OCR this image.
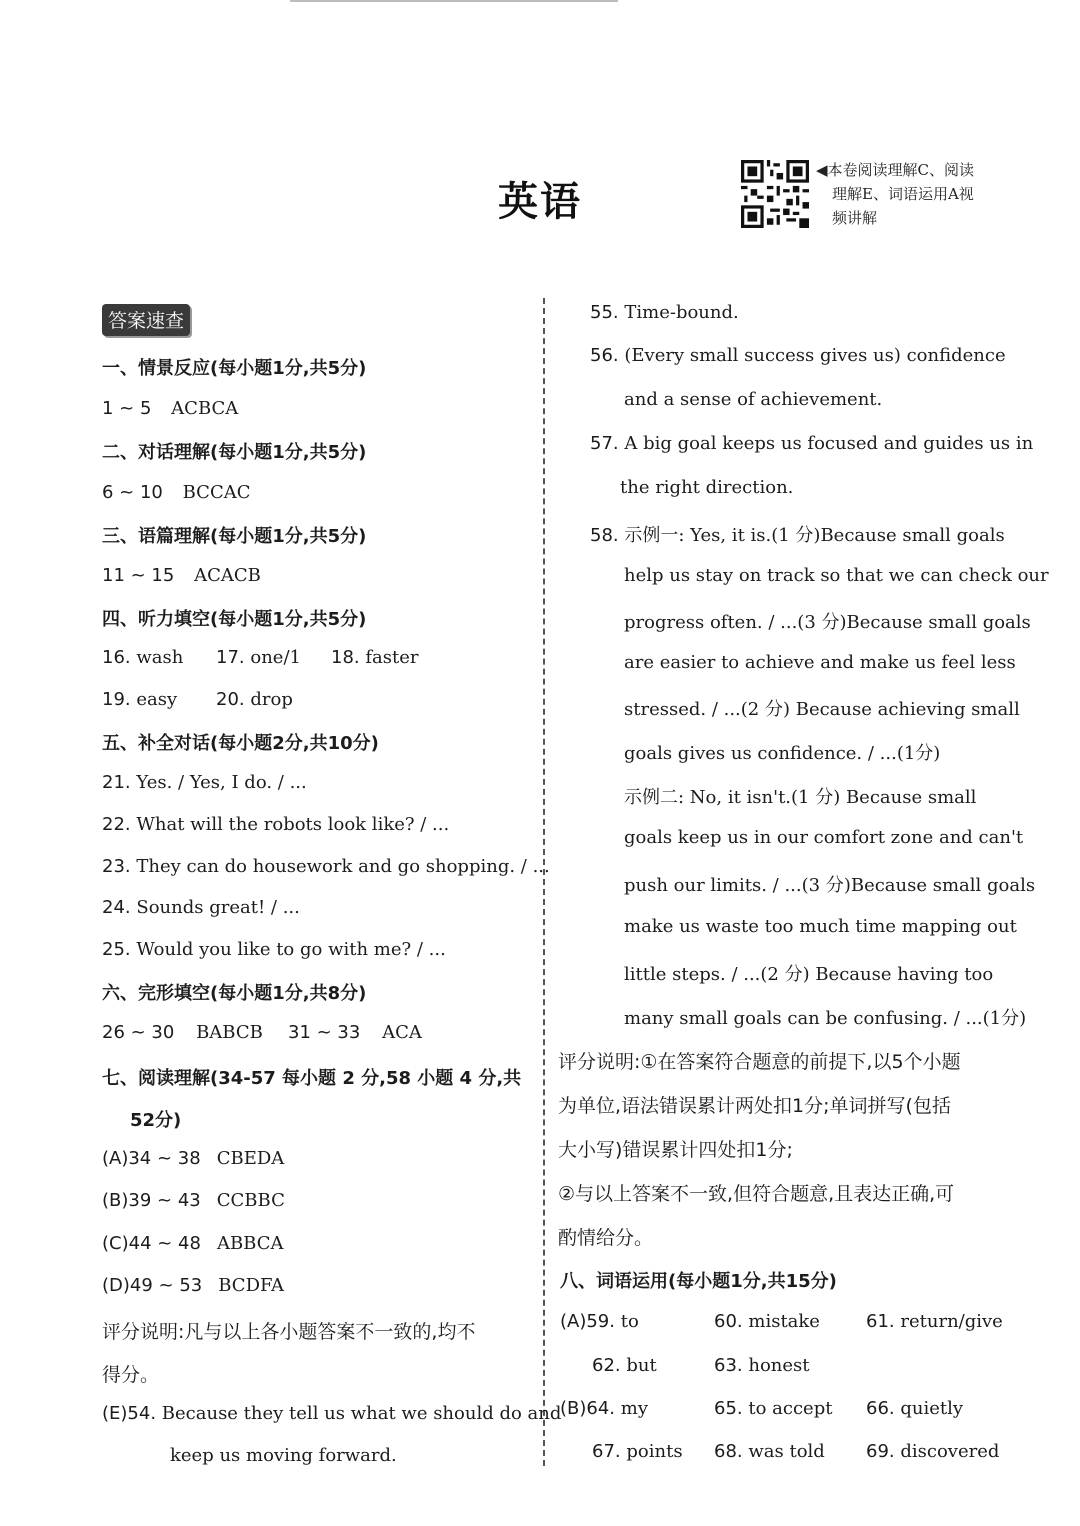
英语
◀本卷阅读理解C、阅读
理解E、词语运用A视
频讲解
答案速查
一、情景反应(每小题1分,共5分)
1 ~ 5 ACBCA
二、对话理解(每小题1分,共5分)
6 ~ 10 BCCAC
三、语篇理解(每小题1分,共5分)
11 ~ 15 ACACB
四、听力填空(每小题1分,共5分)
16. wash 17. one/1 18. faster
19. easy 20. drop
五、补全对话(每小题2分,共10分)
21. Yes. / Yes, I do. / ...
22. What will the robots look like? / ...
23. They can do housework and go shopping. / ...
24. Sounds great! / ...
25. Would you like to go with me? / ...
六、完形填空(每小题1分,共8分)
26 ~ 30 BABCB 31 ~ 33 ACA
七、阅读理解(34-57 每小题 2 分,58 小题 4 分,共
52分)
(A)34 ~ 38 CBEDA
(B)39 ~ 43 CCBBC
(C)44 ~ 48 ABBCA
(D)49 ~ 53 BCDFA
评分说明:凡与以上各小题答案不一致的,均不
得分。
(E)54. Because they tell us what we should do and
keep us moving forward.
55. Time-bound.
56. (Every small success gives us) confidence
and a sense of achievement.
57. A big goal keeps us focused and guides us in
the right direction.
58. 示例一: Yes, it is.(1 分)Because small goals
help us stay on track so that we can check our
progress often. / ...(3 分)Because small goals
are easier to achieve and make us feel less
stressed. / ...(2 分) Because achieving small
goals gives us confidence. / ...(1分)
示例二: No, it isn't.(1 分) Because small
goals keep us in our comfort zone and can't
push our limits. / ...(3 分)Because small goals
make us waste too much time mapping out
little steps. / ...(2 分) Because having too
many small goals can be confusing. / ...(1分)
评分说明:①在答案符合题意的前提下,以5个小题
为单位,语法错误累计两处扣1分;单词拼写(包括
大小写)错误累计四处扣1分;
②与以上答案不一致,但符合题意,且表达正确,可
酌情给分。
八、词语运用(每小题1分,共15分)
(A)59. to	60. mistake	61. return/give
62. but	63. honest
(B)64. my	65. to accept 66. quietly
67. points 68. was told 69. discovered
